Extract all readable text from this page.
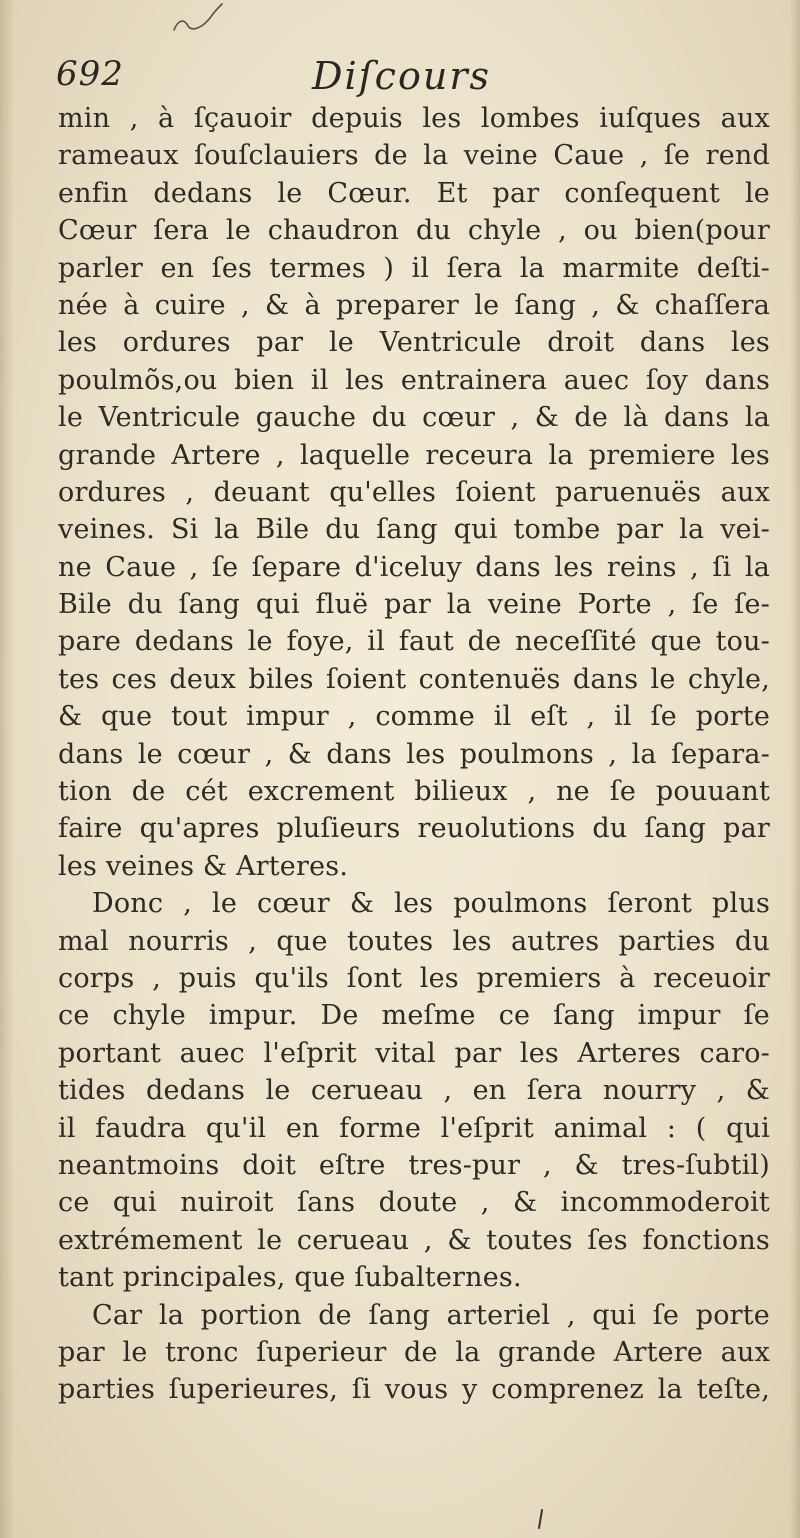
692	Diſcours
min , à ſçauoir depuis les lombes iuſques aux
rameaux ſouſclauiers de la veine Caue , ſe rend
enfin dedans le Cœur. Et par conſequent le
Cœur ſera le chaudron du chyle , ou bien(pour
parler en ſes termes ) il ſera la marmite deſti-
née à cuire , & à preparer le ſang , & chaſſera
les ordures par le Ventricule droit dans les
poulmõs,ou bien il les entrainera auec ſoy dans
le Ventricule gauche du cœur , & de là dans la
grande Artere , laquelle receura la premiere les
ordures , deuant qu'elles ſoient paruenuës aux
veines. Si la Bile du ſang qui tombe par la vei-
ne Caue , ſe ſepare d'iceluy dans les reins , ſi la
Bile du ſang qui fluë par la veine Porte , ſe ſe-
pare dedans le foye, il faut de neceſſité que tou-
tes ces deux biles ſoient contenuës dans le chyle,
& que tout impur , comme il eſt , il ſe porte
dans le cœur , & dans les poulmons , la ſepara-
tion de cét excrement bilieux , ne ſe pouuant
faire qu'apres pluſieurs reuolutions du ſang par
les veines & Arteres.
Donc , le cœur & les poulmons ſeront plus
mal nourris , que toutes les autres parties du
corps , puis qu'ils ſont les premiers à receuoir
ce chyle impur. De meſme ce ſang impur ſe
portant auec l'eſprit vital par les Arteres caro-
tides dedans le cerueau , en ſera nourry , &
il faudra qu'il en forme l'eſprit animal : ( qui
neantmoins doit eſtre tres-pur , & tres-ſubtil)
ce qui nuiroit ſans doute , & incommoderoit
extrémement le cerueau , & toutes ſes fonctions
tant principales, que ſubalternes.
Car la portion de ſang arteriel , qui ſe porte
par le tronc ſuperieur de la grande Artere aux
parties ſuperieures, ſi vous y comprenez la teſte,
